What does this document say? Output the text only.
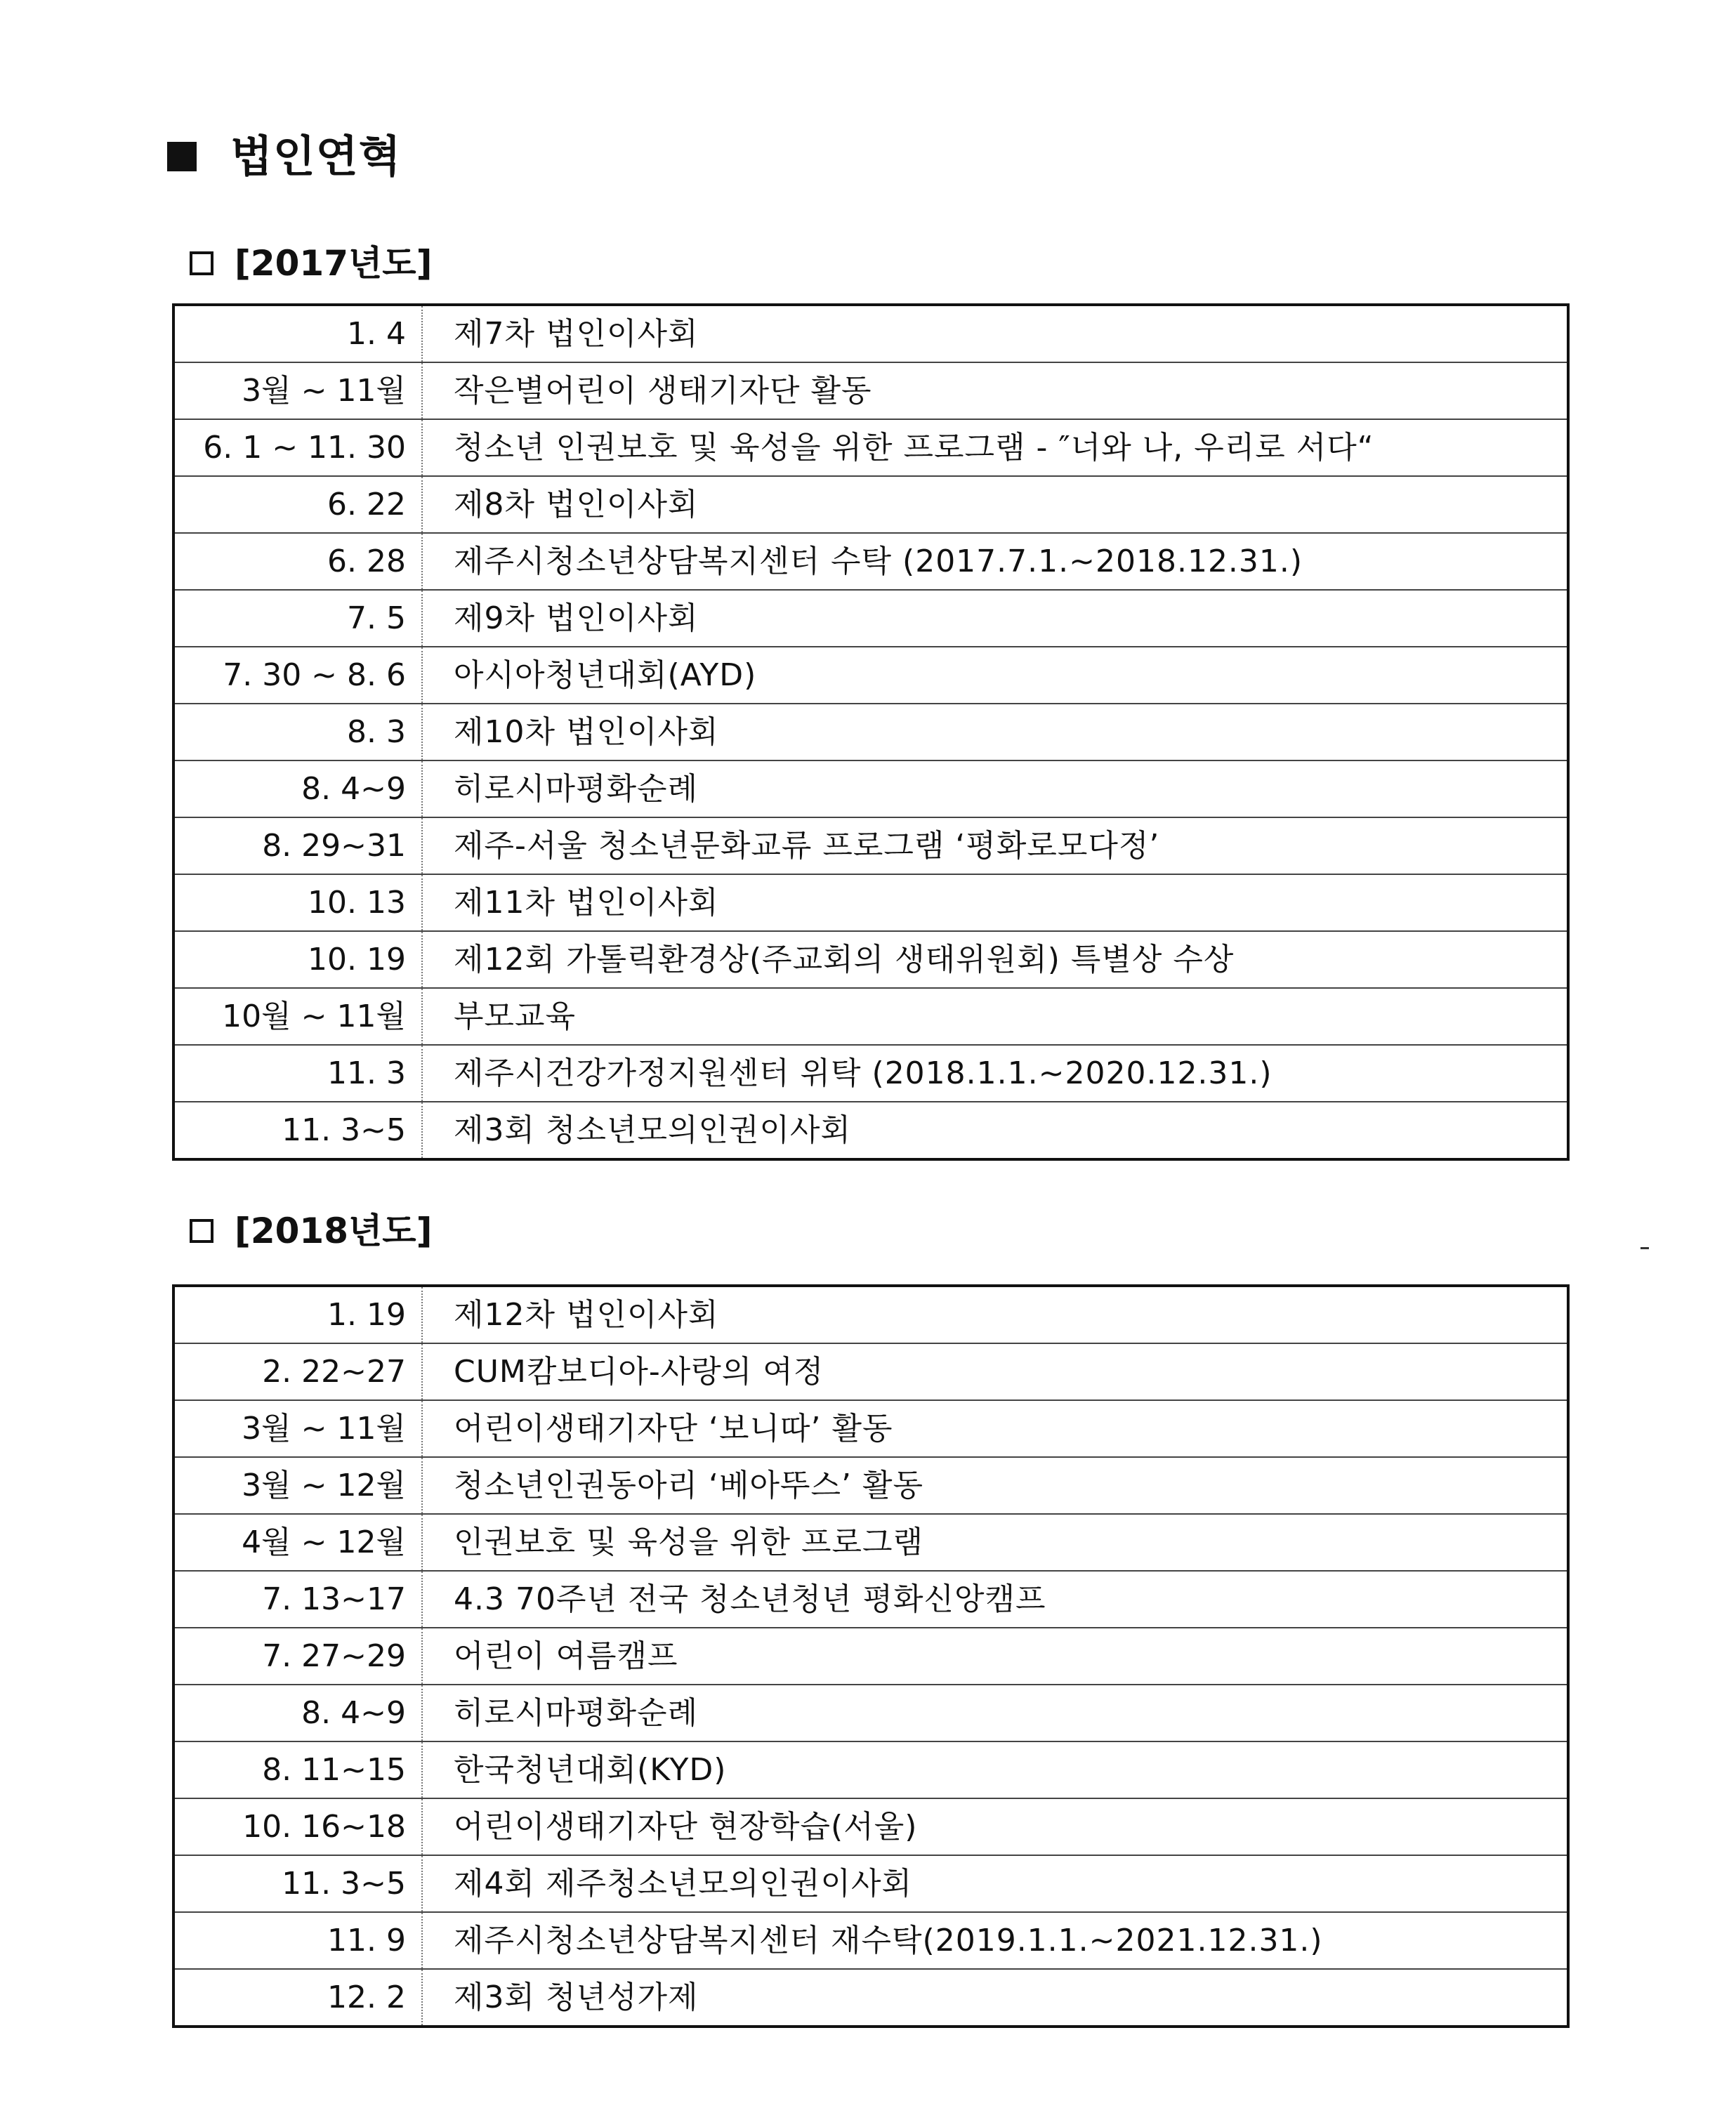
법인연혁
[2017년도]
1. 4	제7차 법인이사회
3월 ~ 11월	작은별어린이 생태기자단 활동
6. 1 ~ 11. 30	청소년 인권보호 및 육성을 위한 프로그램 - ″너와 나, 우리로 서다“
6. 22	제8차 법인이사회
6. 28	제주시청소년상담복지센터 수탁 (2017.7.1.~2018.12.31.)
7. 5	제9차 법인이사회
7. 30 ~ 8. 6	아시아청년대회(AYD)
8. 3	제10차 법인이사회
8. 4~9	히로시마평화순례
8. 29~31	제주-서울 청소년문화교류 프로그램 ‘평화로모다정’
10. 13	제11차 법인이사회
10. 19	제12회 가톨릭환경상(주교회의 생태위원회) 특별상 수상
10월 ~ 11월	부모교육
11. 3	제주시건강가정지원센터 위탁 (2018.1.1.~2020.12.31.)
11. 3~5	제3회 청소년모의인권이사회
[2018년도]
1. 19	제12차 법인이사회
2. 22~27	CUM캄보디아-사랑의 여정
3월 ~ 11월	어린이생태기자단 ‘보니따’ 활동
3월 ~ 12월	청소년인권동아리 ‘베아뚜스’ 활동
4월 ~ 12월	인권보호 및 육성을 위한 프로그램
7. 13~17	4.3 70주년 전국 청소년청년 평화신앙캠프
7. 27~29	어린이 여름캠프
8. 4~9	히로시마평화순례
8. 11~15	한국청년대회(KYD)
10. 16~18	어린이생태기자단 현장학습(서울)
11. 3~5	제4회 제주청소년모의인권이사회
11. 9	제주시청소년상담복지센터 재수탁(2019.1.1.~2021.12.31.)
12. 2	제3회 청년성가제
